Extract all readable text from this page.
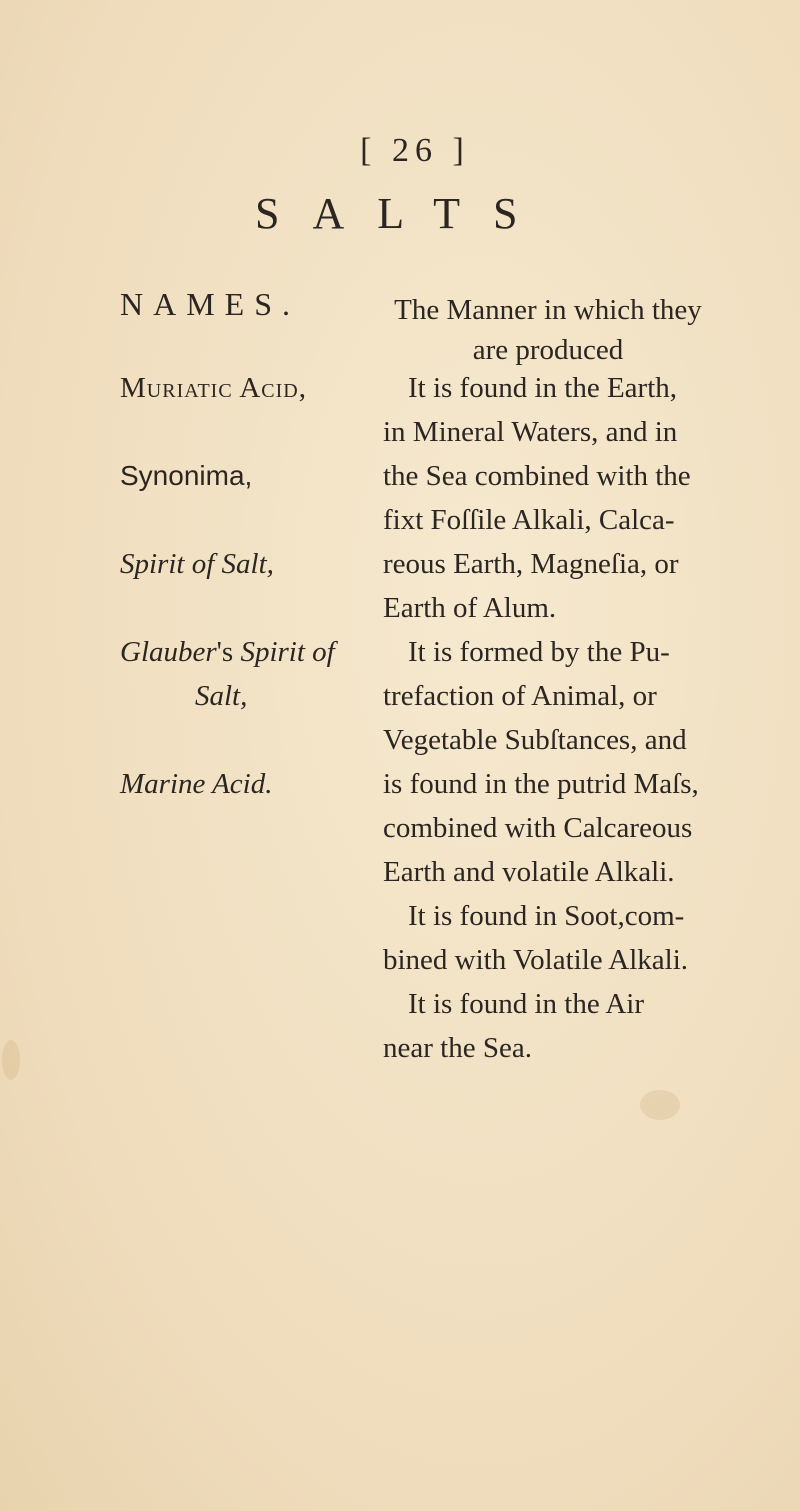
[ 26 ]
SALTS
NAMES.	The Manner in which they
are produced
Muriatic Acid,
Synonima,
Spirit of Salt,
Glauber's Spirit of
Salt,
Marine Acid.
It is found in the Earth,
in Mineral Waters, and in
the Sea combined with the
fixt Foſſile Alkali, Calca-
reous Earth, Magneſia, or
Earth of Alum.
It is formed by the Pu-
trefaction of Animal, or
Vegetable Subſtances, and
is found in the putrid Maſs,
combined with Calcareous
Earth and volatile Alkali.
It is found in Soot,com-
bined with Volatile Alkali.
It is found in the Air
near the Sea.
